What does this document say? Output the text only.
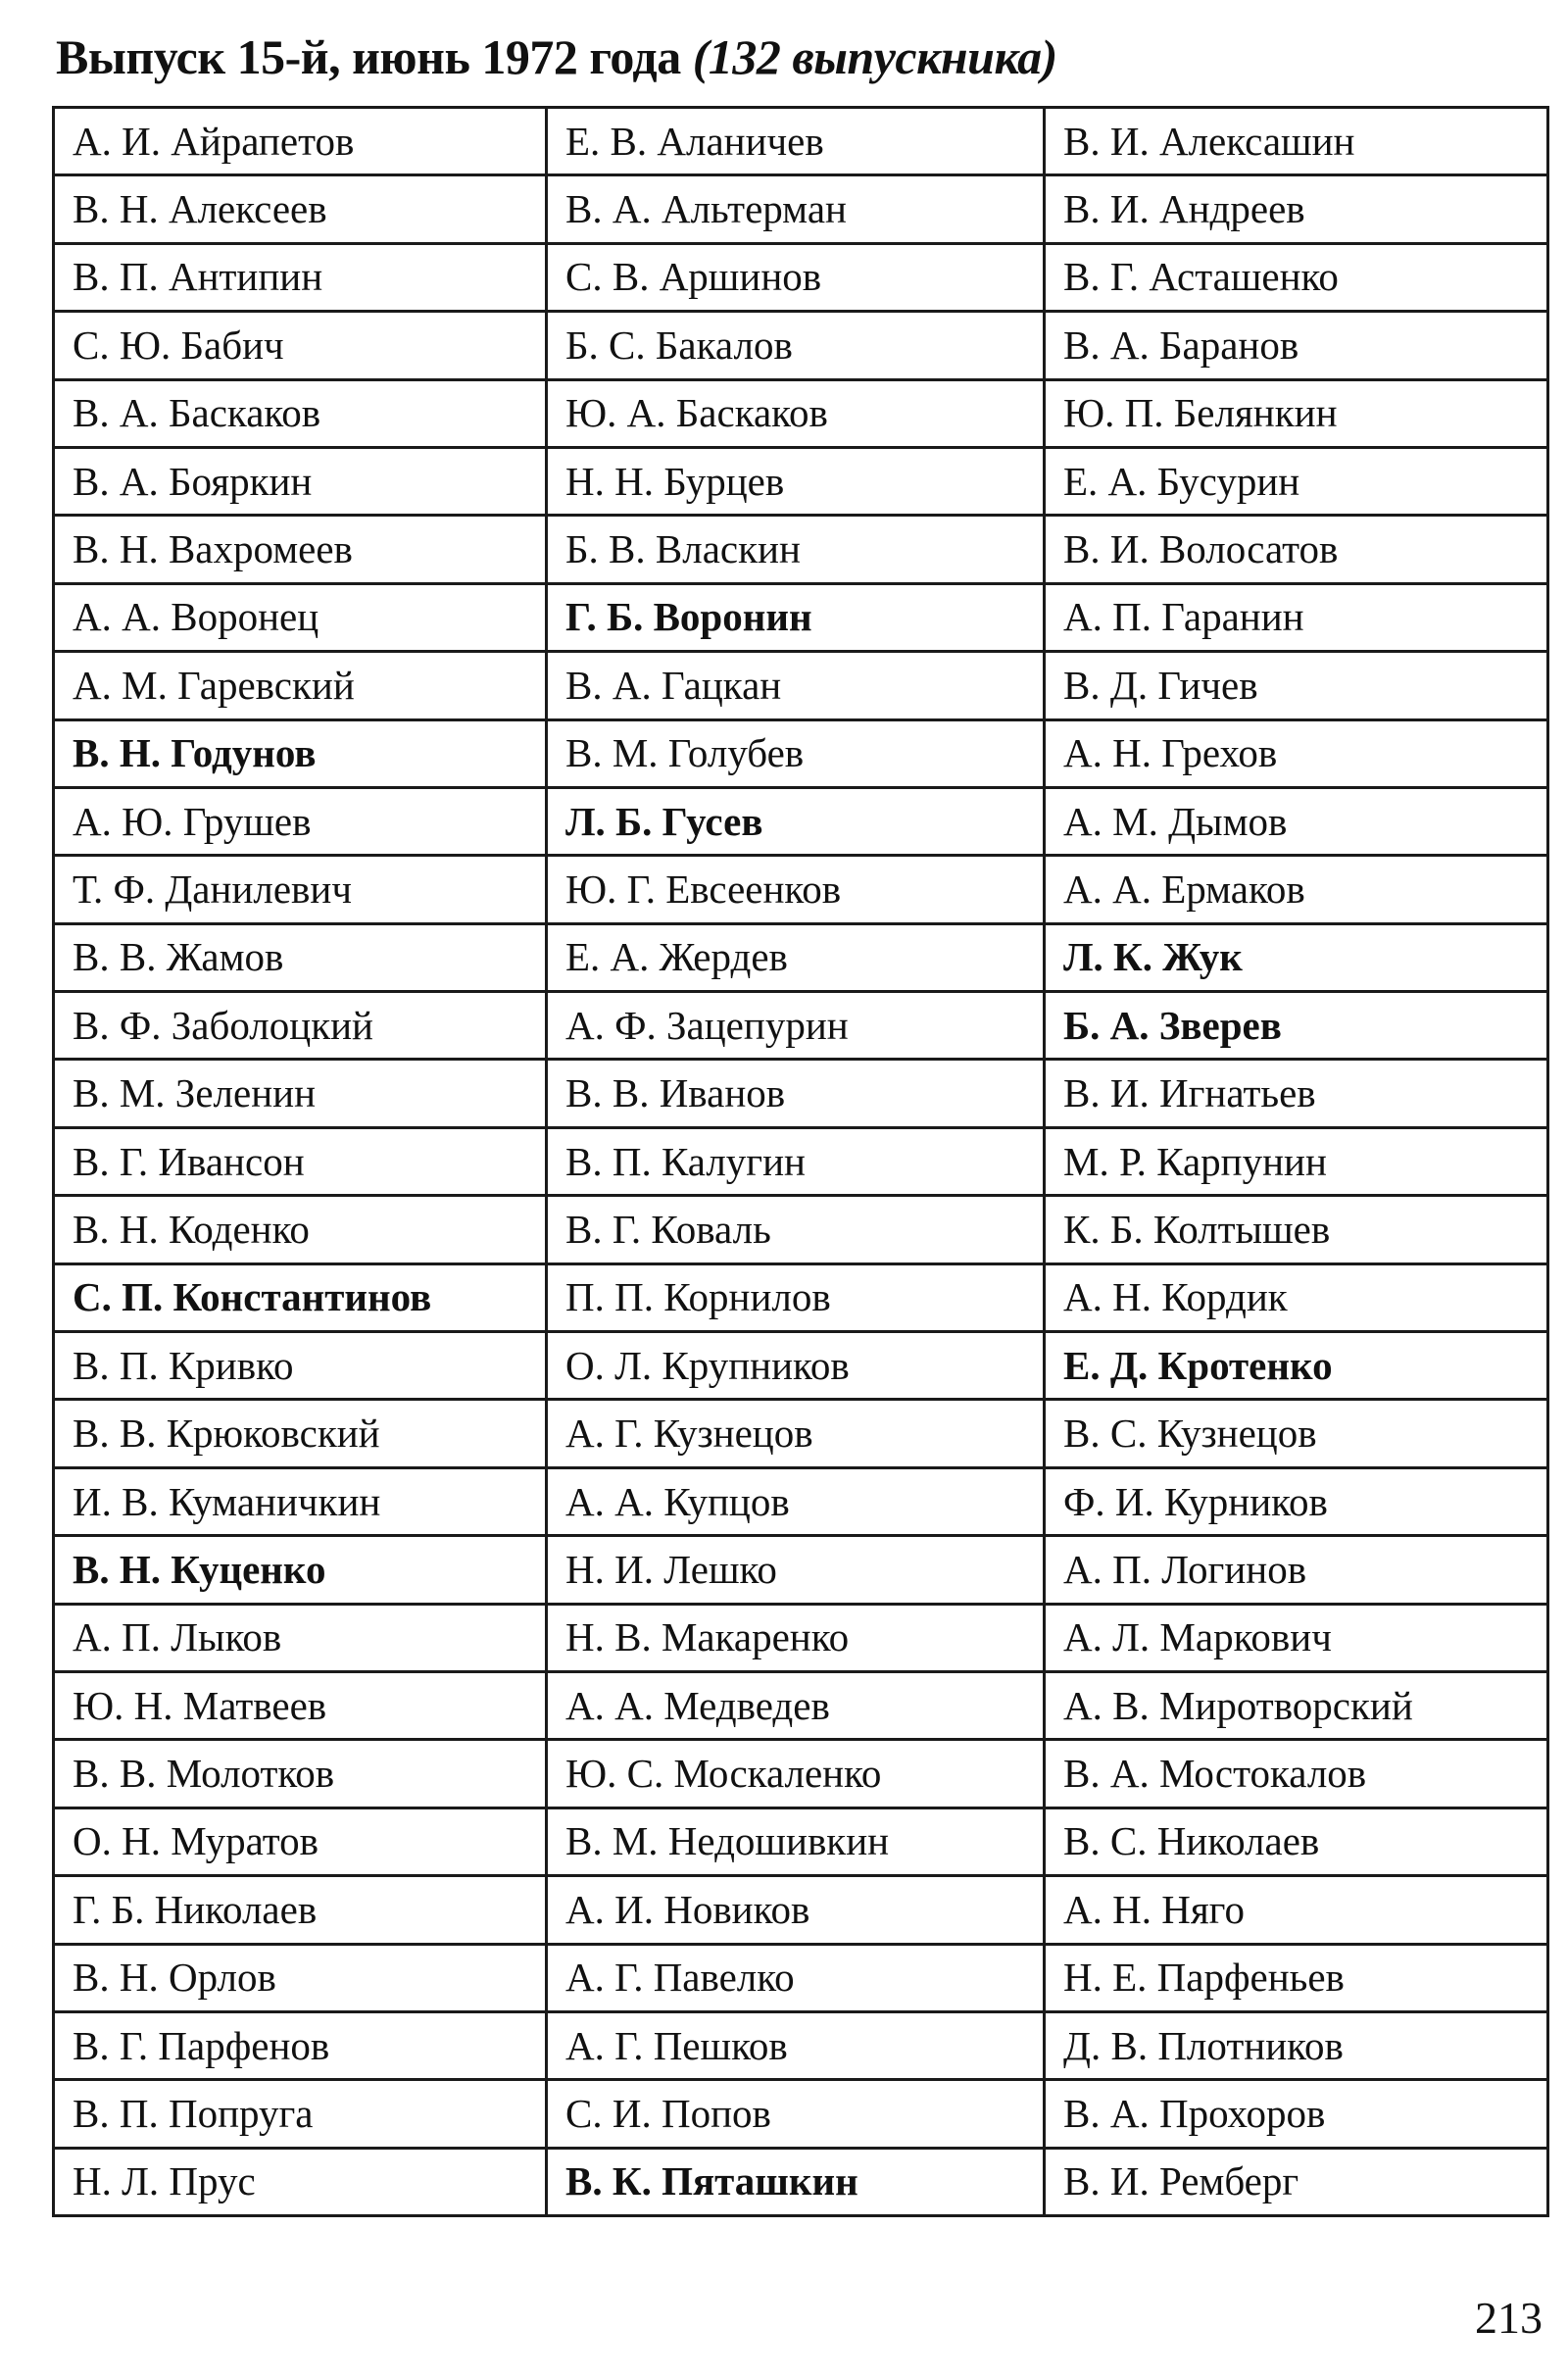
Выпуск 15-й, июнь 1972 года (132 выпускника)
А. И. Айрапетов	Е. В. Аланичев	В. И. Алексашин
В. Н. Алексеев	В. А. Альтерман	В. И. Андреев
В. П. Антипин	С. В. Аршинов	В. Г. Асташенко
С. Ю. Бабич	Б. С. Бакалов	В. А. Баранов
В. А. Баскаков	Ю. А. Баскаков	Ю. П. Белянкин
В. А. Бояркин	Н. Н. Бурцев	Е. А. Бусурин
В. Н. Вахромеев	Б. В. Власкин	В. И. Волосатов
А. А. Воронец	Г. Б. Воронин	А. П. Гаранин
А. М. Гаревский	В. А. Гацкан	В. Д. Гичев
В. Н. Годунов	В. М. Голубев	А. Н. Грехов
А. Ю. Грушев	Л. Б. Гусев	А. М. Дымов
Т. Ф. Данилевич	Ю. Г. Евсеенков	А. А. Ермаков
В. В. Жамов	Е. А. Жердев	Л. К. Жук
В. Ф. Заболоцкий	А. Ф. Зацепурин	Б. А. Зверев
В. М. Зеленин	В. В. Иванов	В. И. Игнатьев
В. Г. Ивансон	В. П. Калугин	М. Р. Карпунин
В. Н. Коденко	В. Г. Коваль	К. Б. Колтышев
С. П. Константинов	П. П. Корнилов	А. Н. Кордик
В. П. Кривко	О. Л. Крупников	Е. Д. Кротенко
В. В. Крюковский	А. Г. Кузнецов	В. С. Кузнецов
И. В. Куманичкин	А. А. Купцов	Ф. И. Курников
В. Н. Куценко	Н. И. Лешко	А. П. Логинов
А. П. Лыков	Н. В. Макаренко	А. Л. Маркович
Ю. Н. Матвеев	А. А. Медведев	А. В. Миротворский
В. В. Молотков	Ю. С. Москаленко	В. А. Мостокалов
О. Н. Муратов	В. М. Недошивкин	В. С. Николаев
Г. Б. Николаев	А. И. Новиков	А. Н. Няго
В. Н. Орлов	А. Г. Павелко	Н. Е. Парфеньев
В. Г. Парфенов	А. Г. Пешков	Д. В. Плотников
В. П. Попруга	С. И. Попов	В. А. Прохоров
Н. Л. Прус	В. К. Пяташкин	В. И. Ремберг
213
